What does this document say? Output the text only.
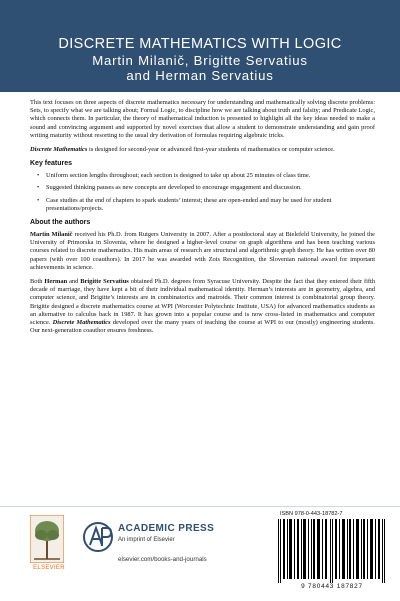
DISCRETE MATHEMATICS WITH LOGIC

Martin Milanič, Brigitte Servatius

and Herman Servatius

This text focuses on three aspects of discrete mathematics necessary for understanding and mathematically solving discrete problems: Sets, to specify what we are talking about; Formal Logic, to discipline how we are talking about truth and falsity; and Predicate Logic, which connects them. In particular, the theory of mathematical induction is presented to highlight all the key ideas needed to make a sound and convincing argument and supported by novel exercises that allow a student to demonstrate understanding and gain proof writing maturity without resorting to the usual dry derivation of formulas requiring algebraic tricks.

Discrete Mathematics is designed for second-year or advanced first-year students of mathematics or computer science.

Key features
• Uniform section lengths throughout; each section is designed to take up about 25 minutes of class time.
• Suggested thinking pauses as new concepts are developed to encourage engagement and discussion.
• Case studies at the end of chapters to spark students’ interest; these are open-ended and may be used for student presentations/projects.
About the authors

Martin Milanič received his Ph.D. from Rutgers University in 2007. After a postdoctoral stay at Bielefeld University, he joined the University of Primorska in Slovenia, where he designed a higher-level course on graph algorithms and has been teaching various courses related to discrete mathematics. His main areas of research are structural and algorithmic graph theory. He has written over 80 papers (with over 100 coauthors). In 2017 he was awarded with Zois Recognition, the Slovenian national award for important achievements in science.

Both Herman and Brigitte Servatius obtained Ph.D. degrees from Syracuse University. Despite the fact that they entered their fifth decade of marriage, they have kept a bit of their individual mathematical identity. Herman’s interests are in geometry, algebra, and computer science, and Brigitte’s interests are in combinatorics and matroids. Their common interest is combinatorial group theory. Brigitte designed a discrete mathematics course at WPI (Worcester Polytechnic Institute, USA) for advanced mathematics students as an alternative to calculus back in 1987. It has grown into a popular course and is now cross-listed in mathematics and computer science. Discrete Mathematics developed over the many years of teaching the course at WPI to our (mostly) engineering students. Our next-generation coauthor ensures freshness.

ELSEVIER
ACADEMIC PRESS
An imprint of Elsevier
elsevier.com/books-and-journals
ISBN 978-0-443-18782-7
9 780443 187827
